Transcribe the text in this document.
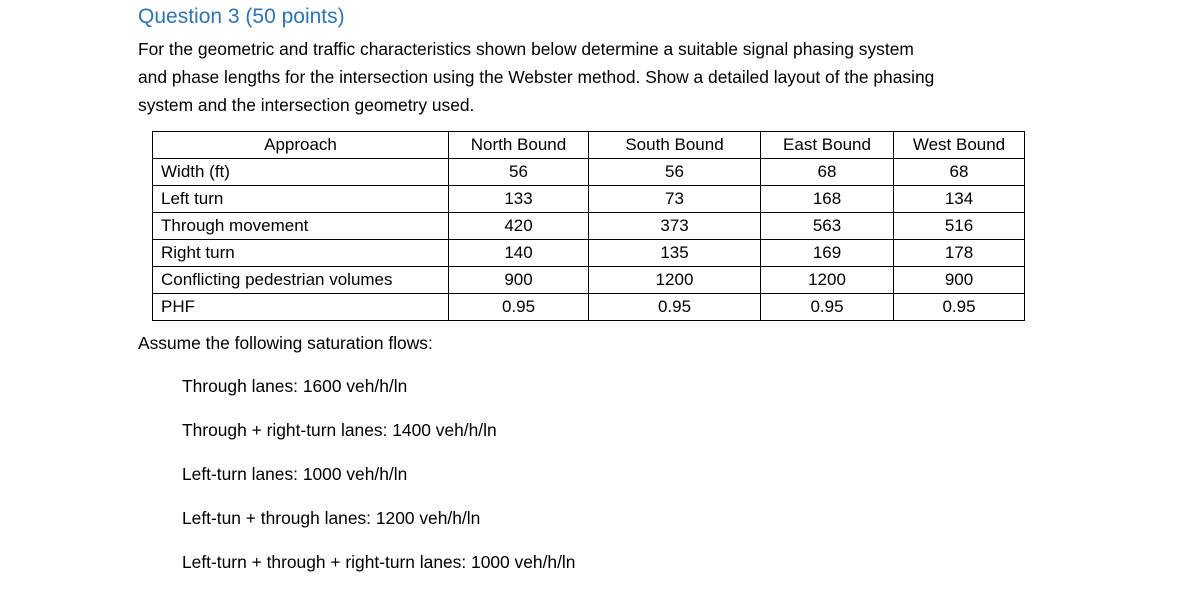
Question 3 (50 points)
For the geometric and traffic characteristics shown below determine a suitable signal phasing system
and phase lengths for the intersection using the Webster method. Show a detailed layout of the phasing
system and the intersection geometry used.
Approach	North Bound	South Bound	East Bound	West Bound
Width (ft)	56	56	68	68
Left turn	133	73	168	134
Through movement	420	373	563	516
Right turn	140	135	169	178
Conflicting pedestrian volumes	900	1200	1200	900
PHF	0.95	0.95	0.95	0.95
Assume the following saturation flows:
Through lanes: 1600 veh/h/ln
Through + right-turn lanes: 1400 veh/h/ln
Left-turn lanes: 1000 veh/h/ln
Left-tun + through lanes: 1200 veh/h/ln
Left-turn + through + right-turn lanes: 1000 veh/h/ln
